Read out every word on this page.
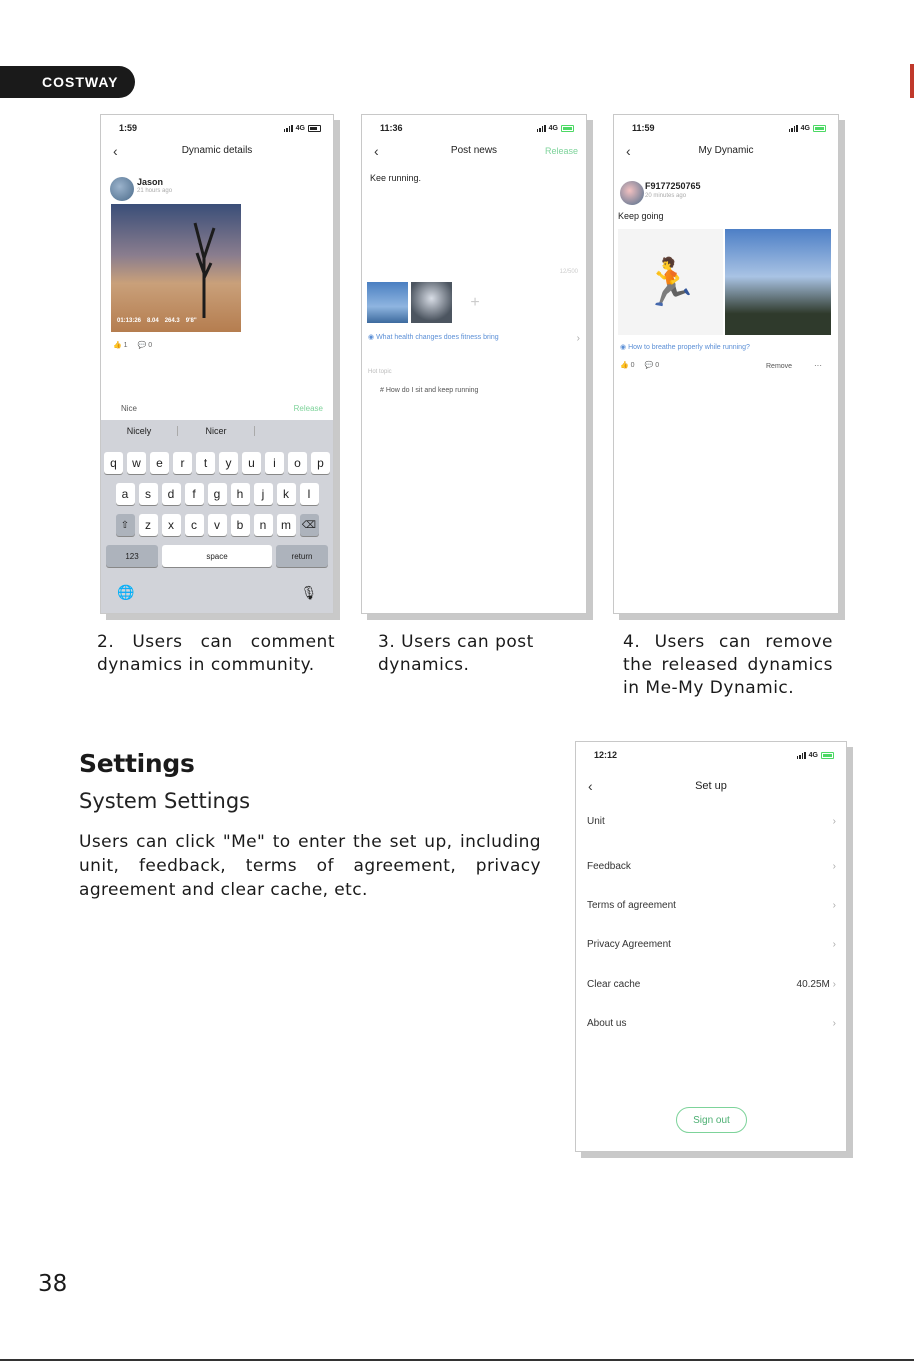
COSTWAY
1:59	4G
‹	Dynamic details
Jason
21 hours ago
01:13:26 8.04 264.3 9'8"
👍 1 💬 0
Nice	Release
Nicely	Nicer
q	w	e	r	t	y	u	i	o	p
a	s	d	f	g	h	j	k	l
⇧	z	x	c	v	b	n	m	⌫
123	space	return
🌐	🎙
11:36	4G
‹	Post news	Release
Kee running.
12/500
+
◉ What health changes does fitness bring	›
Hot topic
# How do I sit and keep running
11:59	4G
‹	My Dynamic
F9177250765
20 minutes ago
Keep going
🏃
◉ How to breathe properly while running?
👍 0 💬 0	Remove	···
2. Users can comment dynamics in community.
3. Users can post dynamics.
4. Users can remove the released dynamics in Me-My Dynamic.
Settings
System Settings
Users can click "Me" to enter the set up, including unit, feedback, terms of agreement, privacy agreement and clear cache, etc.
12:12	4G
‹	Set up
Unit	›
Feedback	›
Terms of agreement	›
Privacy Agreement	›
Clear cache	40.25M ›
About us	›
Sign out
38
